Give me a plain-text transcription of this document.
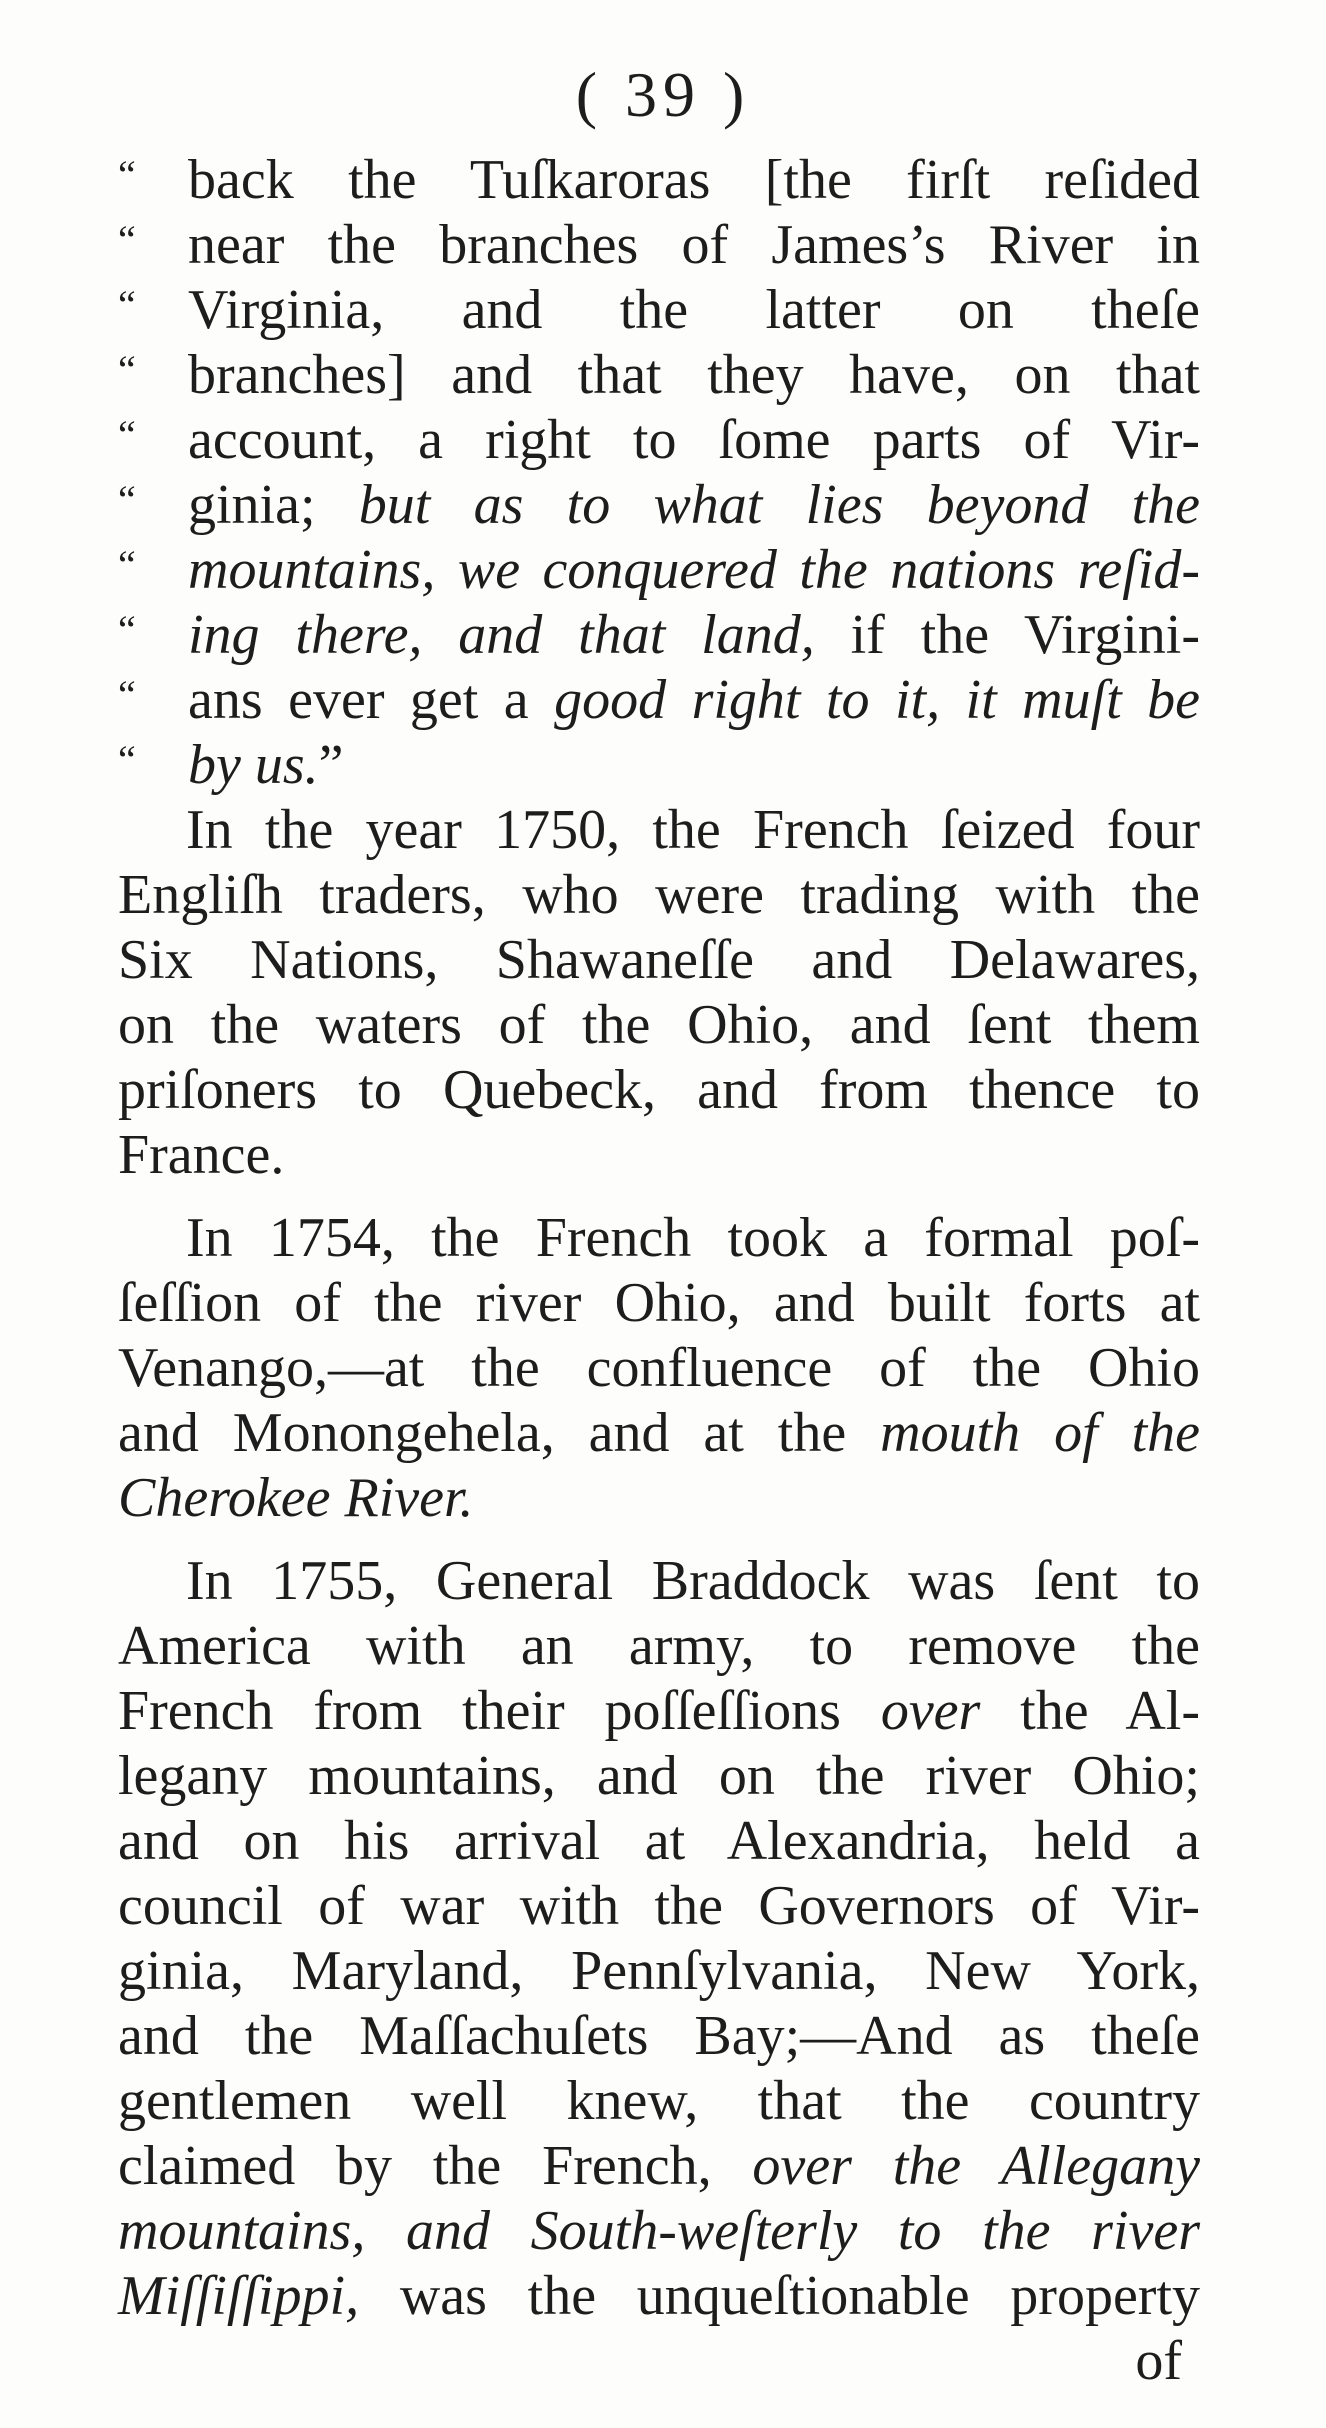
( 39 )
“ back the Tuſkaroras [the firſt reſided
“ near the branches of James’s River in
“ Virginia, and the latter on theſe
“ branches] and that they have, on that
“ account, a right to ſome parts of Vir-
“ ginia; but as to what lies beyond the
“ mountains, we conquered the nations reſid-
“ ing there, and that land, if the Virgini-
“ ans ever get a good right to it, it muſt be
“ by us.”
In the year 1750, the French ſeized four
Engliſh traders, who were trading with the
Six Nations, Shawaneſſe and Delawares,
on the waters of the Ohio, and ſent them
priſoners to Quebeck, and from thence to
France.
In 1754, the French took a formal poſ-
ſeſſion of the river Ohio, and built forts at
Venango,—at the confluence of the Ohio
and Monongehela, and at the mouth of the
Cherokee River.
In 1755, General Braddock was ſent to
America with an army, to remove the
French from their poſſeſſions over the Al-
legany mountains, and on the river Ohio;
and on his arrival at Alexandria, held a
council of war with the Governors of Vir-
ginia, Maryland, Pennſylvania, New York,
and the Maſſachuſets Bay;—And as theſe
gentlemen well knew, that the country
claimed by the French, over the Allegany
mountains, and South-weſterly to the river
Miſſiſſippi, was the unqueſtionable property
of
